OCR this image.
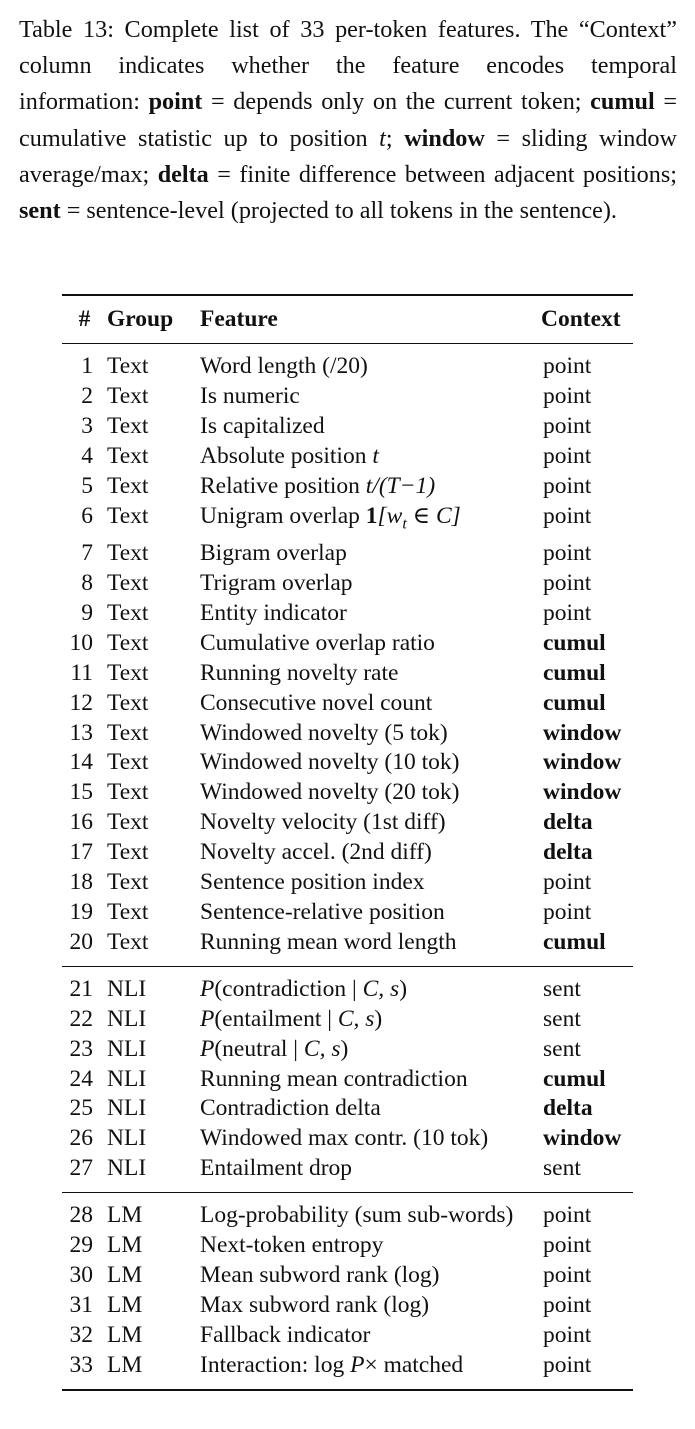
Table 13: Complete list of 33 per-token features. The “Context” column indicates whether the feature encodes temporal information: point = depends only on the current token; cumul = cumulative statistic up to position t; window = sliding window average/max; delta = finite difference between adjacent positions; sent = sentence-level (projected to all tokens in the sentence).
#	Group	Feature	Context
1	Text	Word length (/20)	point
2	Text	Is numeric	point
3	Text	Is capitalized	point
4	Text	Absolute position t	point
5	Text	Relative position t/(T−1)	point
6	Text	Unigram overlap $1[w_t$ ∈ C]	point
7	Text	Bigram overlap	point
8	Text	Trigram overlap	point
9	Text	Entity indicator	point
10	Text	Cumulative overlap ratio	cumul
11	Text	Running novelty rate	cumul
12	Text	Consecutive novel count	cumul
13	Text	Windowed novelty (5 tok)	window
14	Text	Windowed novelty (10 tok)	window
15	Text	Windowed novelty (20 tok)	window
16	Text	Novelty velocity (1st diff)	delta
17	Text	Novelty accel. (2nd diff)	delta
18	Text	Sentence position index	point
19	Text	Sentence-relative position	point
20	Text	Running mean word length	cumul
21	NLI	P(contradiction | C, s)	sent
22	NLI	P(entailment | C, s)	sent
23	NLI	P(neutral | C, s)	sent
24	NLI	Running mean contradiction	cumul
25	NLI	Contradiction delta	delta
26	NLI	Windowed max contr. (10 tok)	window
27	NLI	Entailment drop	sent
28	LM	Log-probability (sum sub-words)	point
29	LM	Next-token entropy	point
30	LM	Mean subword rank (log)	point
31	LM	Max subword rank (log)	point
32	LM	Fallback indicator	point
33	LM	Interaction: log P× matched	point
